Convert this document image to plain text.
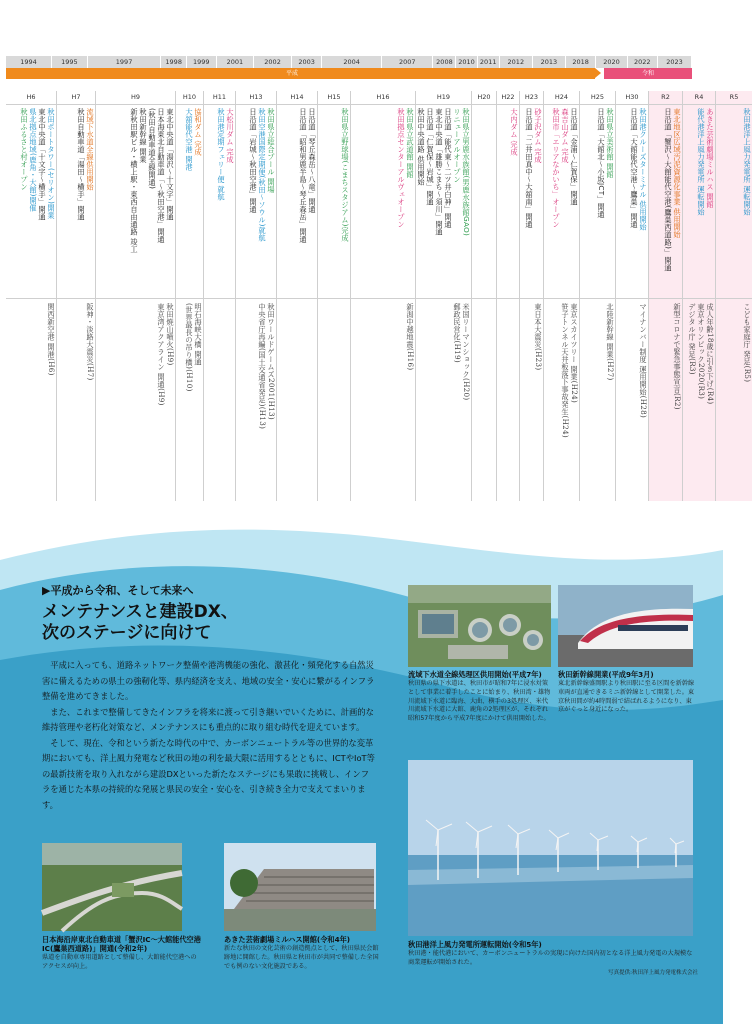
1994	1995	1997	1998	1999	2001	2002	2003	2004	2007	2008 2010 2011	2012	2013	2018	2020	2022	2023
平成	令和
H6
秋田ポートタワー(セリオン)開業
東北中央道「十文字～横手」開通
県北拠点地域(鹿角・大館)開催
秋田ふるさと村オープン
関西新空港 開港(H6)
H7
流域下水道全線供用開始
秋田自動車道「湯田～横手」開通
阪神・淡路大震災(H7)
H9
東北中央道「湯沢～十文字」開通
日本海東北自動車道「～秋田空港」開通
(秋田自動車道全線開通)
秋田新幹線 開業
新秋田駅ビル・横上駅・東西自由通路 竣工
秋田焼山噴火(H9)
東京湾アクアライン 開通(H9)
H10
協和ダム 完成
大舘能代空港 開港
明石海峡大橋 開通
(世界最長の吊り橋)(H10)
H11
大松川ダム 完成
秋田港定期フェリー便 就航
H13
秋田県立総合プール 開場
秋田空港国際定期便(秋田～ソウル)就航
日沿道「岩城～秋田空港」開通
秋田ワールドゲームズ2001(H13)
中央省庁再編(国土交通省発足)(H13)
H14
日沿道「琴丘森岳～八竜」開通
日沿道「昭和男鹿半島～琴丘森岳」開通
H15
秋田県立野球場(こまちスタジアム)完成
H16
秋田県立武道館 開館
秋田拠点センターアルヴェオープン
新潟中越地震(H16)
H19
秋田県立男鹿水族館(男鹿水族館GAO)
リニューアルオープン
日沿道「能代東～二ツ井白神」開通
東北中央道「雄勝こまち～須川」開通
日沿道「仁賀保～岩城」開通
秋田中央道路 供用開始
米国リーマンショック(H20)
郵政民営化(H19)
H20	H22
大内ダム 完成
H23
砂子沢ダム 完成
日沿道「二井田真中～大舘南」開通
東日本大震災(H23)
H24
日沿道「金浦～仁賀保」開通
森吉山ダム 完成
秋田市「エリアなかいち」オープン
東京スカイツリー 開業(H24)
笹子トンネル天井板落下事故発生(H24)
H25
秋田県立美術館 開館
日沿道「大館北～小坂JCT」開通
北陸新幹線 開業(H27)
H30
秋田港クルーズターミナル 供用開始
日沿道「大館能代空港～鷹巣」開通
マイナンバー制度 運用開始(H28)
R2
東北地区広域汚泥資源化事業 供用開始
日沿道「蟹沢～大館能代空港(鷹巣西道路)」開通
新型コロナで緊急事態宣言(R2)
R4
あきた芸術劇場ミルハス 開館
能代港洋上風力発電所 運転開始
成人年齢18歳に引き下げ(R4)
東京オリンピック2020(R3)
デジタル庁 発足(R3)
R5
秋田港洋上風力発電所 運転開始
こども家庭庁 発足(R5)
▶平成から令和、そして未来へ
メンテナンスと建設DX、
次のステージに向けて

平成に入っても、道路ネットワーク整備や港湾機能の強化、激甚化・頻発化する自然災害に備えるための県土の強靭化等、県内経済を支え、地域の安全・安心に繋がるインフラ整備を進めてきました。

また、これまで整備してきたインフラを将来に渡って引き継いでいくために、計画的な維持管理や老朽化対策など、メンテナンスにも重点的に取り組む時代を迎えています。

そして、現在、令和という新たな時代の中で、カーボンニュートラル等の世界的な変革期においても、洋上風力発電など秋田の地の利を最大限に活用するとともに、ICTやIoT等の最新技術を取り入れながら建設DXといった新たなステージにも果敢に挑戦し、インフラを通じた本県の持続的な発展と県民の安全・安心を、引き続き全力で支えてまいります。

流域下水道全線処理区供用開始(平成7年)

秋田県の県下水道は、秋田市が昭和7年に浸水対策として事業に着手したことに始まり、秋田湾・雄物川流域下水道に臨海、大曲、横手の3処理区、米代川流域下水道に大館、鹿角の2処理区が、それぞれ昭和57年度から平成7年度にかけて供用開始した。

秋田新幹線開業(平成9年3月)

東北新幹線盛岡駅より秋田駅に至る区間を新幹線車両が直通できるミニ新幹線として開業した。東京秋田間が約4時間弱で結ばれるようになり、東京がぐっと身近になった。

秋田港洋上風力発電所運転開始(令和5年)

秋田港・能代港において、カーボンニュートラルの実現に向けた国内初となる洋上風力発電の大規模な商業運転が開始された。

写真提供:秋田洋上風力発電株式会社

日本海沿岸東北自動車道「蟹沢IC～大館能代空港IC(鷹巣西道路)」開通(令和2年)

県道を自動車専用道路として整備し、大館能代空港へのアクセスが向上。

あきた芸術劇場ミルハス開館(令和4年)

新たな秋田の文化芸術の創造拠点として、秋田県民会館跡地に開館した。秋田県と秋田市が共同で整備した全国でも例のない文化施設である。
